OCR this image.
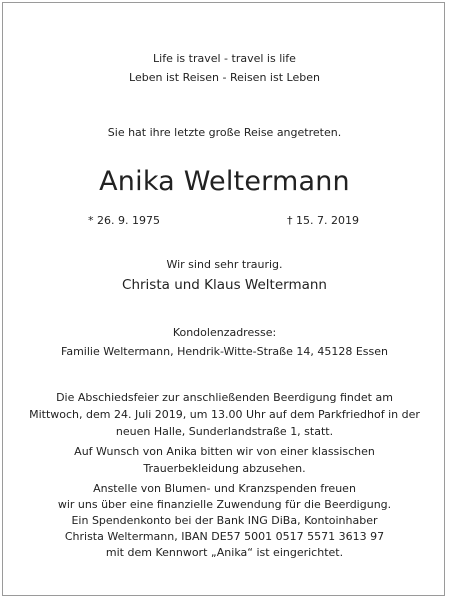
Life is travel - travel is life
Leben ist Reisen - Reisen ist Leben
Sie hat ihre letzte große Reise angetreten.
Anika Weltermann
* 26. 9. 1975	† 15. 7. 2019
Wir sind sehr traurig.
Christa und Klaus Weltermann
Kondolenzadresse:
Familie Weltermann, Hendrik-Witte-Straße 14, 45128 Essen
Die Abschiedsfeier zur anschließenden Beerdigung findet am
Mittwoch, dem 24. Juli 2019, um 13.00 Uhr auf dem Parkfriedhof in der
neuen Halle, Sunderlandstraße 1, statt.
Auf Wunsch von Anika bitten wir von einer klassischen
Trauerbekleidung abzusehen.
Anstelle von Blumen- und Kranzspenden freuen
wir uns über eine finanzielle Zuwendung für die Beerdigung.
Ein Spendenkonto bei der Bank ING DiBa, Kontoinhaber
Christa Weltermann, IBAN DE57 5001 0517 5571 3613 97
mit dem Kennwort „Anika“ ist eingerichtet.
